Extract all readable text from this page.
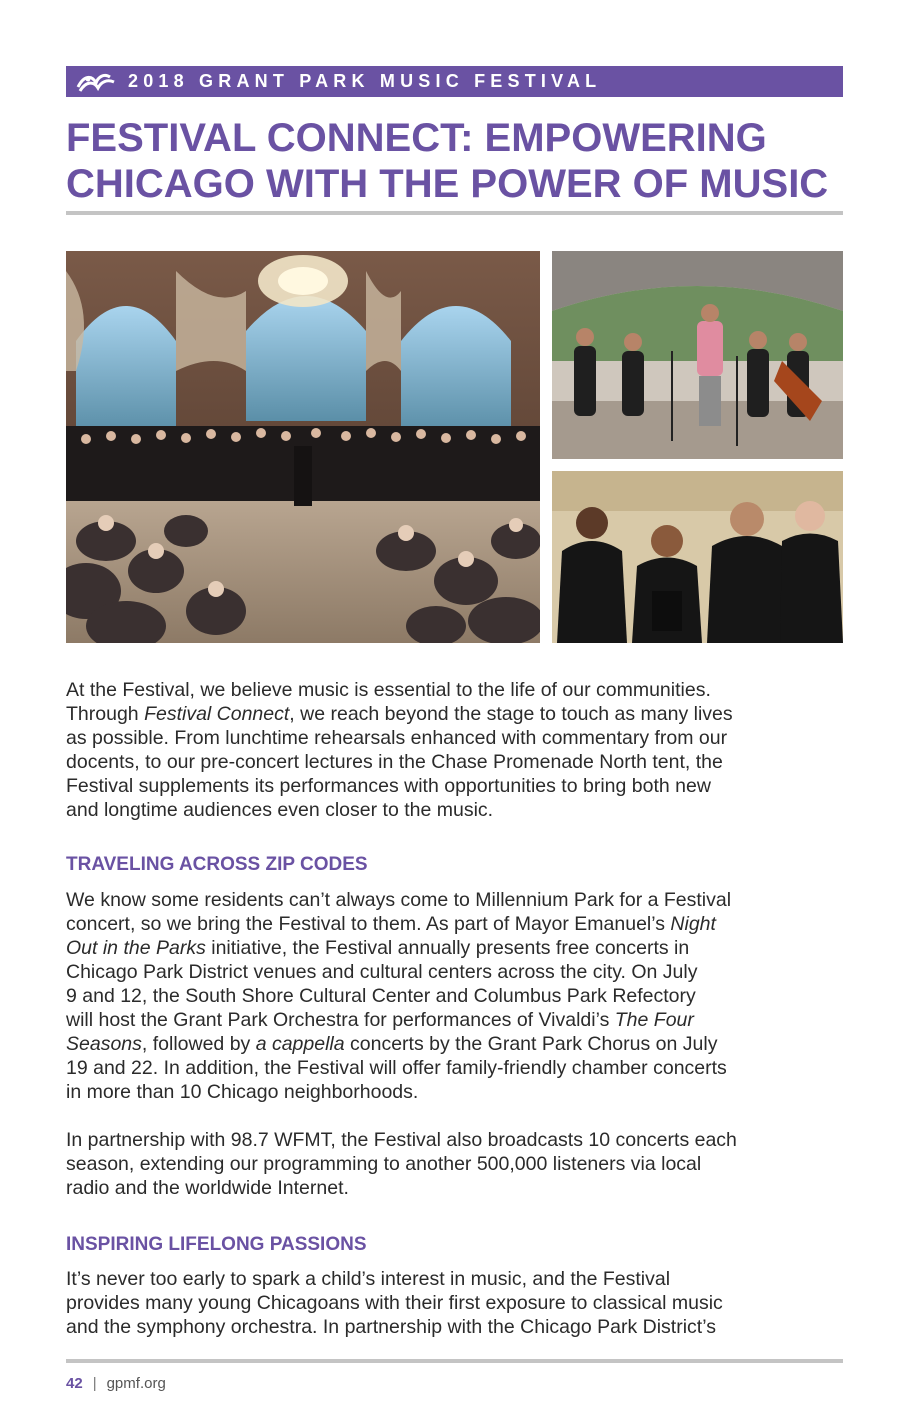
2018 GRANT PARK MUSIC FESTIVAL
FESTIVAL CONNECT: EMPOWERING
CHICAGO WITH THE POWER OF MUSIC

At the Festival, we believe music is essential to the life of our communities.
Through Festival Connect, we reach beyond the stage to touch as many lives
as possible. From lunchtime rehearsals enhanced with commentary from our
docents, to our pre-concert lectures in the Chase Promenade North tent, the
Festival supplements its performances with opportunities to bring both new
and longtime audiences even closer to the music.

TRAVELING ACROSS ZIP CODES

We know some residents can’t always come to Millennium Park for a Festival
concert, so we bring the Festival to them. As part of Mayor Emanuel’s Night
Out in the Parks initiative, the Festival annually presents free concerts in
Chicago Park District venues and cultural centers across the city. On July
9 and 12, the South Shore Cultural Center and Columbus Park Refectory
will host the Grant Park Orchestra for performances of Vivaldi’s The Four
Seasons, followed by a cappella concerts by the Grant Park Chorus on July
19 and 22. In addition, the Festival will offer family-friendly chamber concerts
in more than 10 Chicago neighborhoods.

In partnership with 98.7 WFMT, the Festival also broadcasts 10 concerts each
season, extending our programming to another 500,000 listeners via local
radio and the worldwide Internet.

INSPIRING LIFELONG PASSIONS

It’s never too early to spark a child’s interest in music, and the Festival
provides many young Chicagoans with their first exposure to classical music
and the symphony orchestra. In partnership with the Chicago Park District’s

42 | gpmf.org
